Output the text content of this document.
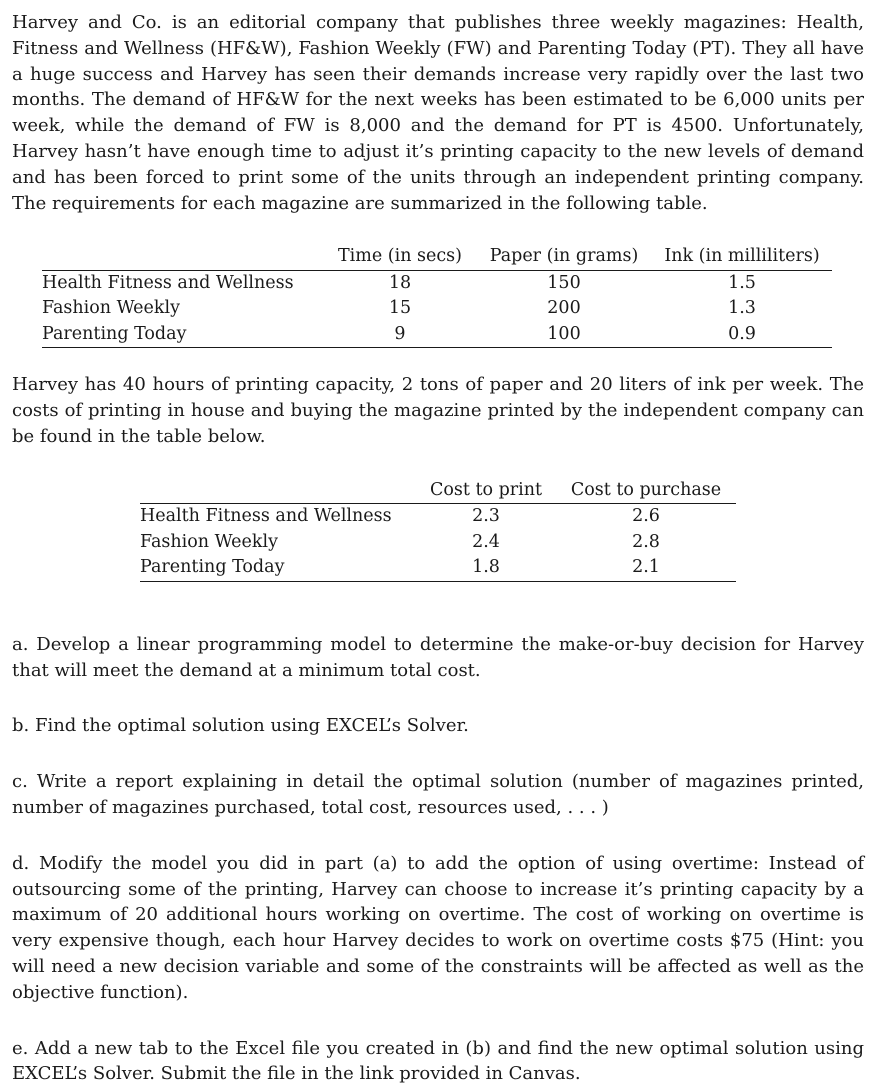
Harvey and Co. is an editorial company that publishes three weekly magazines: Health, Fitness and Wellness (HF&W), Fashion Weekly (FW) and Parenting Today (PT). They all have a huge success and Harvey has seen their demands increase very rapidly over the last two months. The demand of HF&W for the next weeks has been estimated to be 6,000 units per week, while the demand of FW is 8,000 and the demand for PT is 4500. Unfortunately, Harvey hasn’t have enough time to adjust it’s printing capacity to the new levels of demand and has been forced to print some of the units through an independent printing company. The requirements for each magazine are summarized in the following table.

	Time (in secs)	Paper (in grams)	Ink (in milliliters)
Health Fitness and Wellness	18	150	1.5
Fashion Weekly	15	200	1.3
Parenting Today	9	100	0.9

Harvey has 40 hours of printing capacity, 2 tons of paper and 20 liters of ink per week. The costs of printing in house and buying the magazine printed by the independent company can be found in the table below.

	Cost to print	Cost to purchase
Health Fitness and Wellness	2.3	2.6
Fashion Weekly	2.4	2.8
Parenting Today	1.8	2.1

a. Develop a linear programming model to determine the make-or-buy decision for Harvey that will meet the demand at a minimum total cost.

b. Find the optimal solution using EXCEL’s Solver.

c. Write a report explaining in detail the optimal solution (number of magazines printed, number of magazines purchased, total cost, resources used, . . . )

d. Modify the model you did in part (a) to add the option of using overtime: Instead of outsourcing some of the printing, Harvey can choose to increase it’s printing capacity by a maximum of 20 additional hours working on overtime. The cost of working on overtime is very expensive though, each hour Harvey decides to work on overtime costs $75 (Hint: you will need a new decision variable and some of the constraints will be affected as well as the objective function).

e. Add a new tab to the Excel file you created in (b) and find the new optimal solution using EXCEL’s Solver. Submit the file in the link provided in Canvas.
